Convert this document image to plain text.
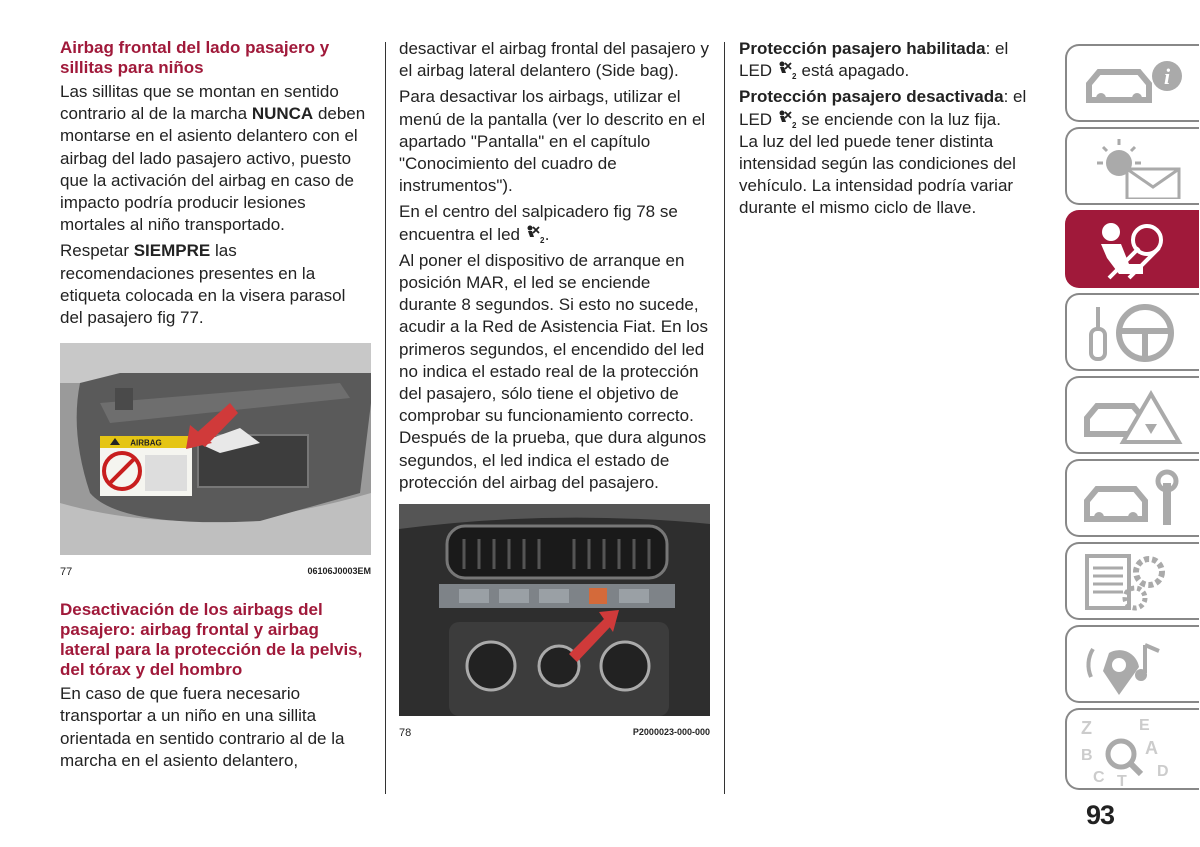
Airbag frontal del lado pasajero y sillitas para niños

Las sillitas que se montan en sentido contrario al de la marcha NUNCA deben montarse en el asiento delantero con el airbag del lado pasajero activo, puesto que la activación del airbag en caso de impacto podría producir lesiones mortales al niño transportado.

Respetar SIEMPRE las recomendaciones presentes en la etiqueta colocada en la visera parasol del pasajero fig 77.

AIRBAG
77	06106J0003EM
Desactivación de los airbags del pasajero: airbag frontal y airbag lateral para la protección de la pelvis, del tórax y del hombro

En caso de que fuera necesario transportar a un niño en una sillita orientada en sentido contrario al de la marcha en el asiento delantero,

desactivar el airbag frontal del pasajero y el airbag lateral delantero (Side bag).

Para desactivar los airbags, utilizar el menú de la pantalla (ver lo descrito en el apartado "Pantalla" en el capítulo "Conocimiento del cuadro de instrumentos").

En el centro del salpicadero fig 78 se encuentra el led 2 .

Al poner el dispositivo de arranque en posición MAR, el led se enciende durante 8 segundos. Si esto no sucede, acudir a la Red de Asistencia Fiat. En los primeros segundos, el encendido del led no indica el estado real de la protección del pasajero, sólo tiene el objetivo de comprobar su funcionamiento correcto. Después de la prueba, que dura algunos segundos, el led indica el estado de protección del airbag del pasajero.

78	P2000023-000-000

Protección pasajero habilitada: el LED 2 está apagado.

Protección pasajero desactivada: el LED 2 se enciende con la luz fija.

La luz del led puede tener distinta intensidad según las condiciones del vehículo. La intensidad podría variar durante el mismo ciclo de llave.

i
Z	E
B	A
C T
D
93
